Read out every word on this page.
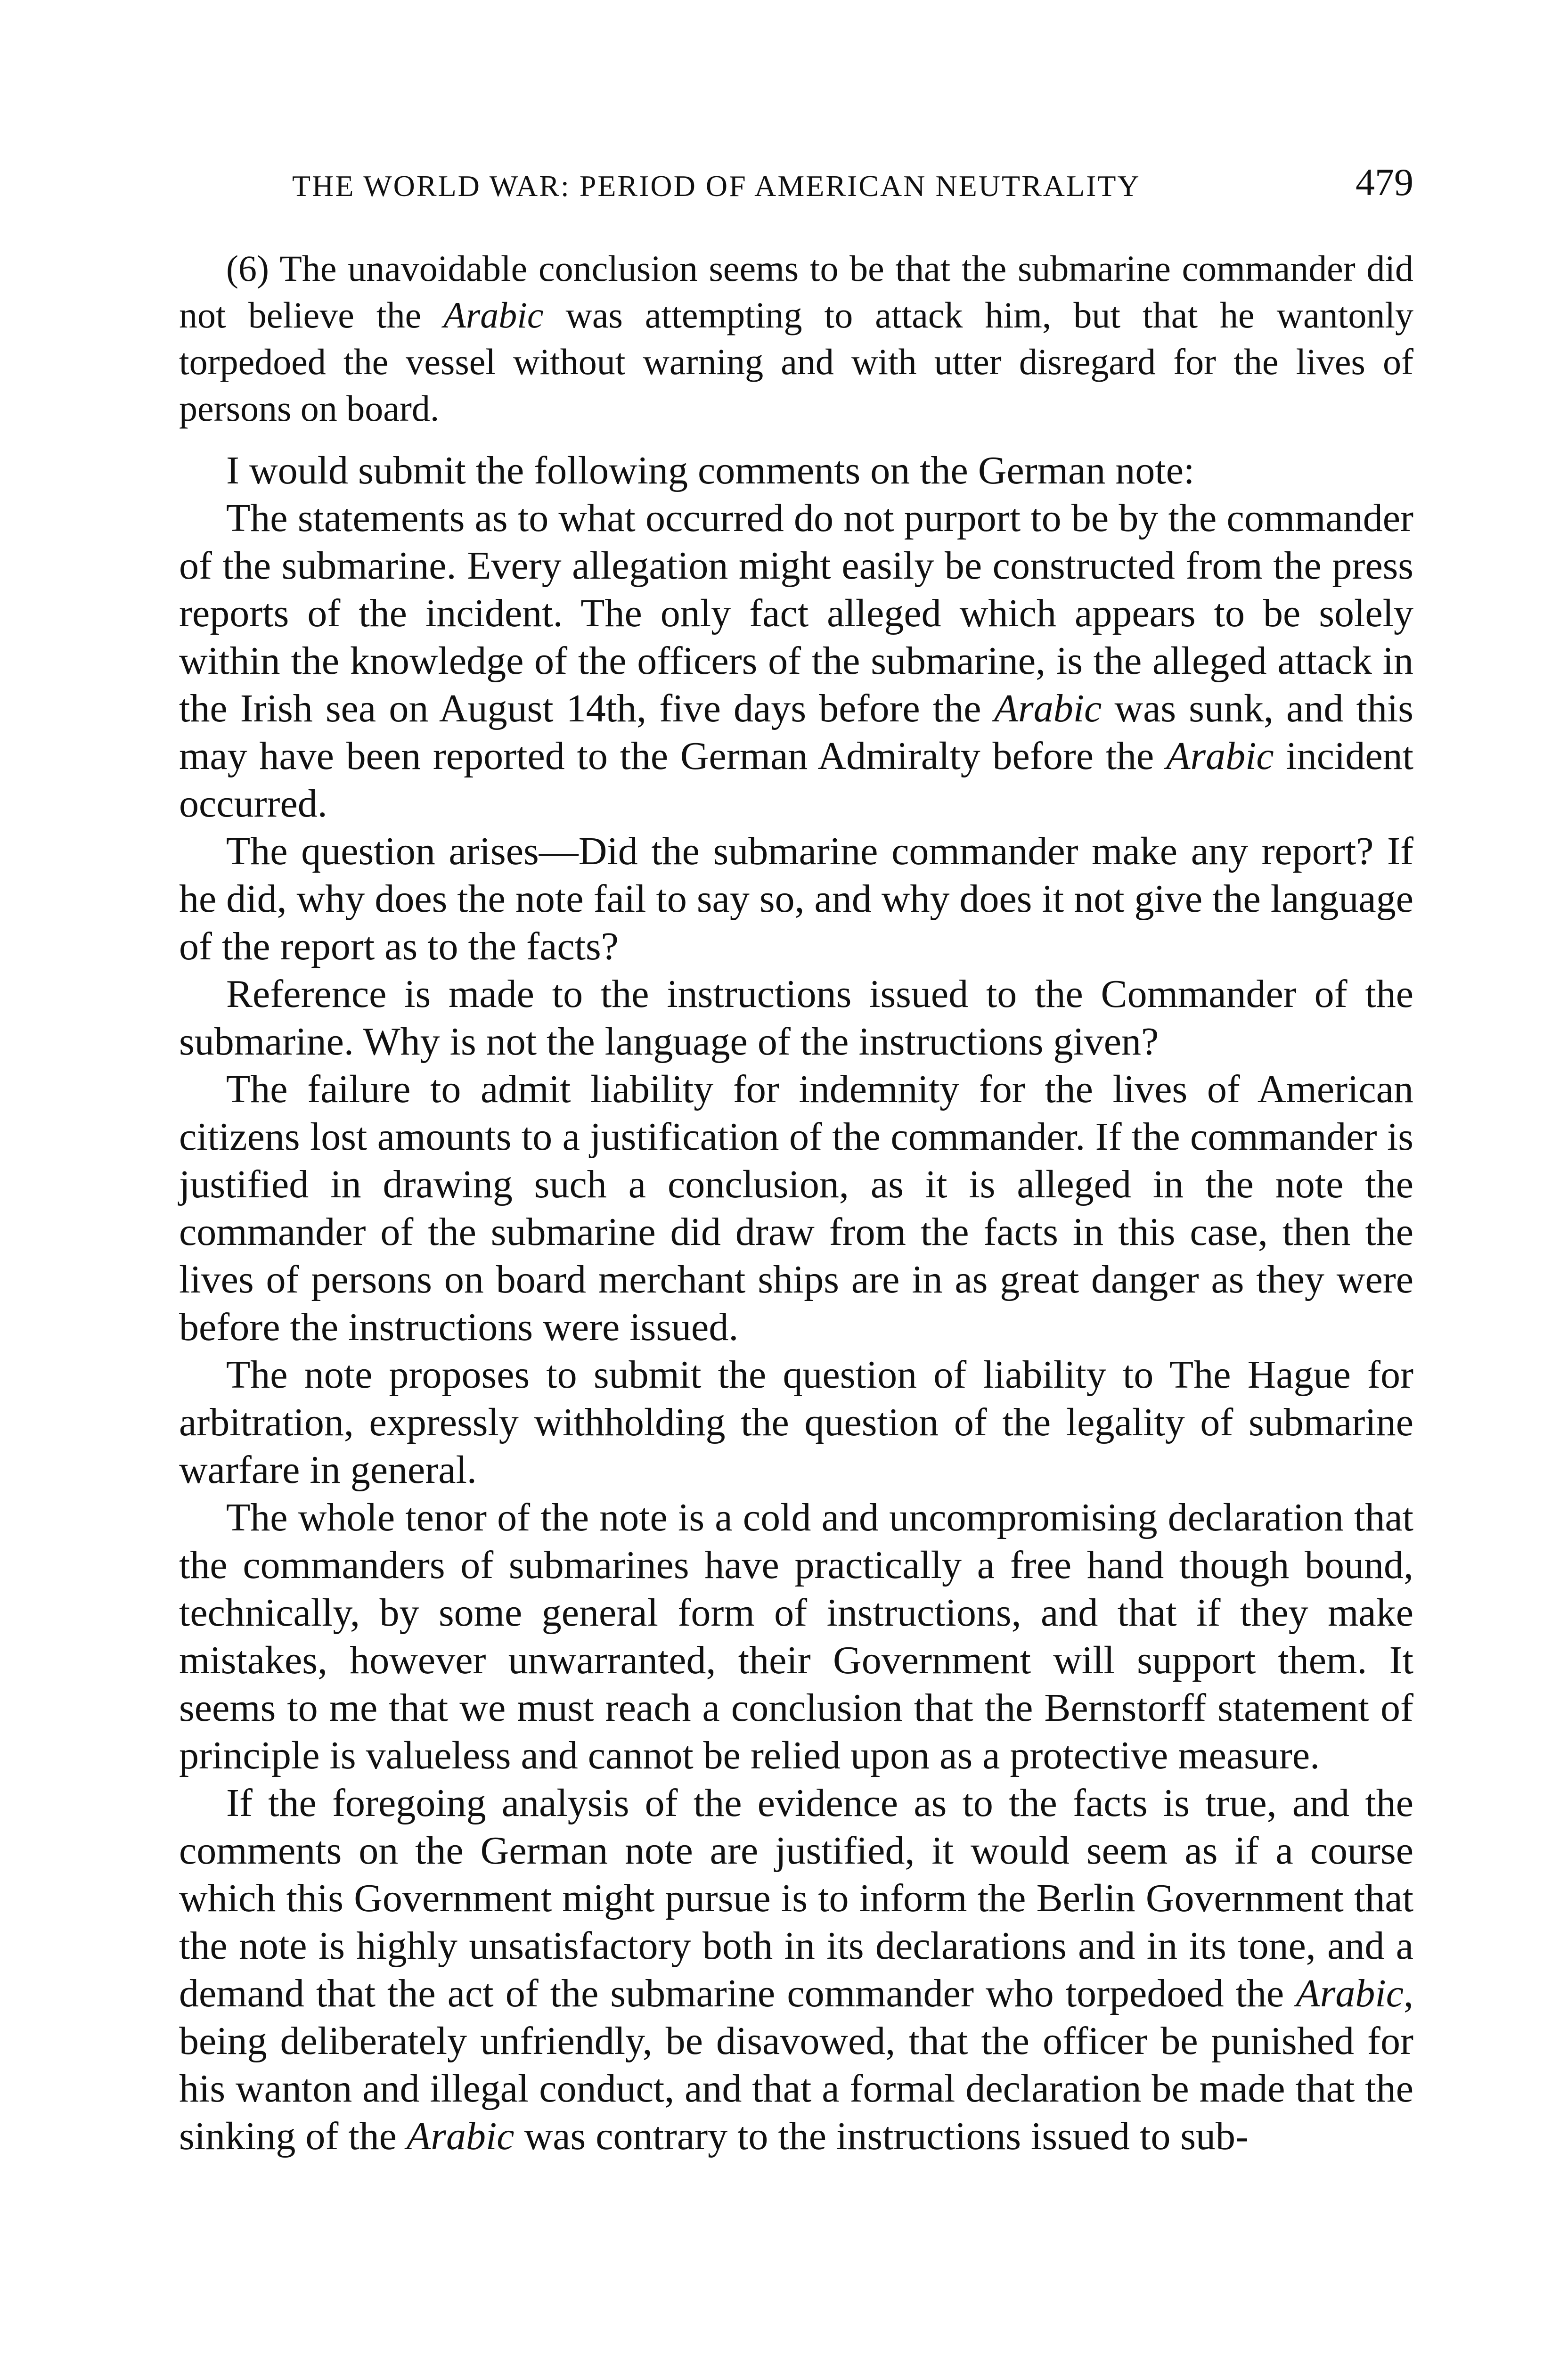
THE WORLD WAR: PERIOD OF AMERICAN NEUTRALITY	479

(6) The unavoidable conclusion seems to be that the submarine commander did not believe the Arabic was attempting to attack him, but that he wantonly torpedoed the vessel without warning and with utter disregard for the lives of persons on board.

I would submit the following comments on the German note:

The statements as to what occurred do not purport to be by the commander of the submarine. Every allegation might easily be constructed from the press reports of the incident. The only fact alleged which appears to be solely within the knowledge of the officers of the submarine, is the alleged attack in the Irish sea on August 14th, five days before the Arabic was sunk, and this may have been reported to the German Admiralty before the Arabic incident occurred.

The question arises—Did the submarine commander make any report? If he did, why does the note fail to say so, and why does it not give the language of the report as to the facts?

Reference is made to the instructions issued to the Commander of the submarine. Why is not the language of the instructions given?

The failure to admit liability for indemnity for the lives of American citizens lost amounts to a justification of the commander. If the commander is justified in drawing such a conclusion, as it is alleged in the note the commander of the submarine did draw from the facts in this case, then the lives of persons on board merchant ships are in as great danger as they were before the instructions were issued.

The note proposes to submit the question of liability to The Hague for arbitration, expressly withholding the question of the legality of submarine warfare in general.

The whole tenor of the note is a cold and uncompromising declaration that the commanders of submarines have practically a free hand though bound, technically, by some general form of instructions, and that if they make mistakes, however unwarranted, their Government will support them. It seems to me that we must reach a conclusion that the Bernstorff statement of principle is valueless and cannot be relied upon as a protective measure.

If the foregoing analysis of the evidence as to the facts is true, and the comments on the German note are justified, it would seem as if a course which this Government might pursue is to inform the Berlin Government that the note is highly unsatisfactory both in its declarations and in its tone, and a demand that the act of the submarine commander who torpedoed the Arabic, being deliberately unfriendly, be disavowed, that the officer be punished for his wanton and illegal conduct, and that a formal declaration be made that the sinking of the Arabic was contrary to the instructions issued to sub-
